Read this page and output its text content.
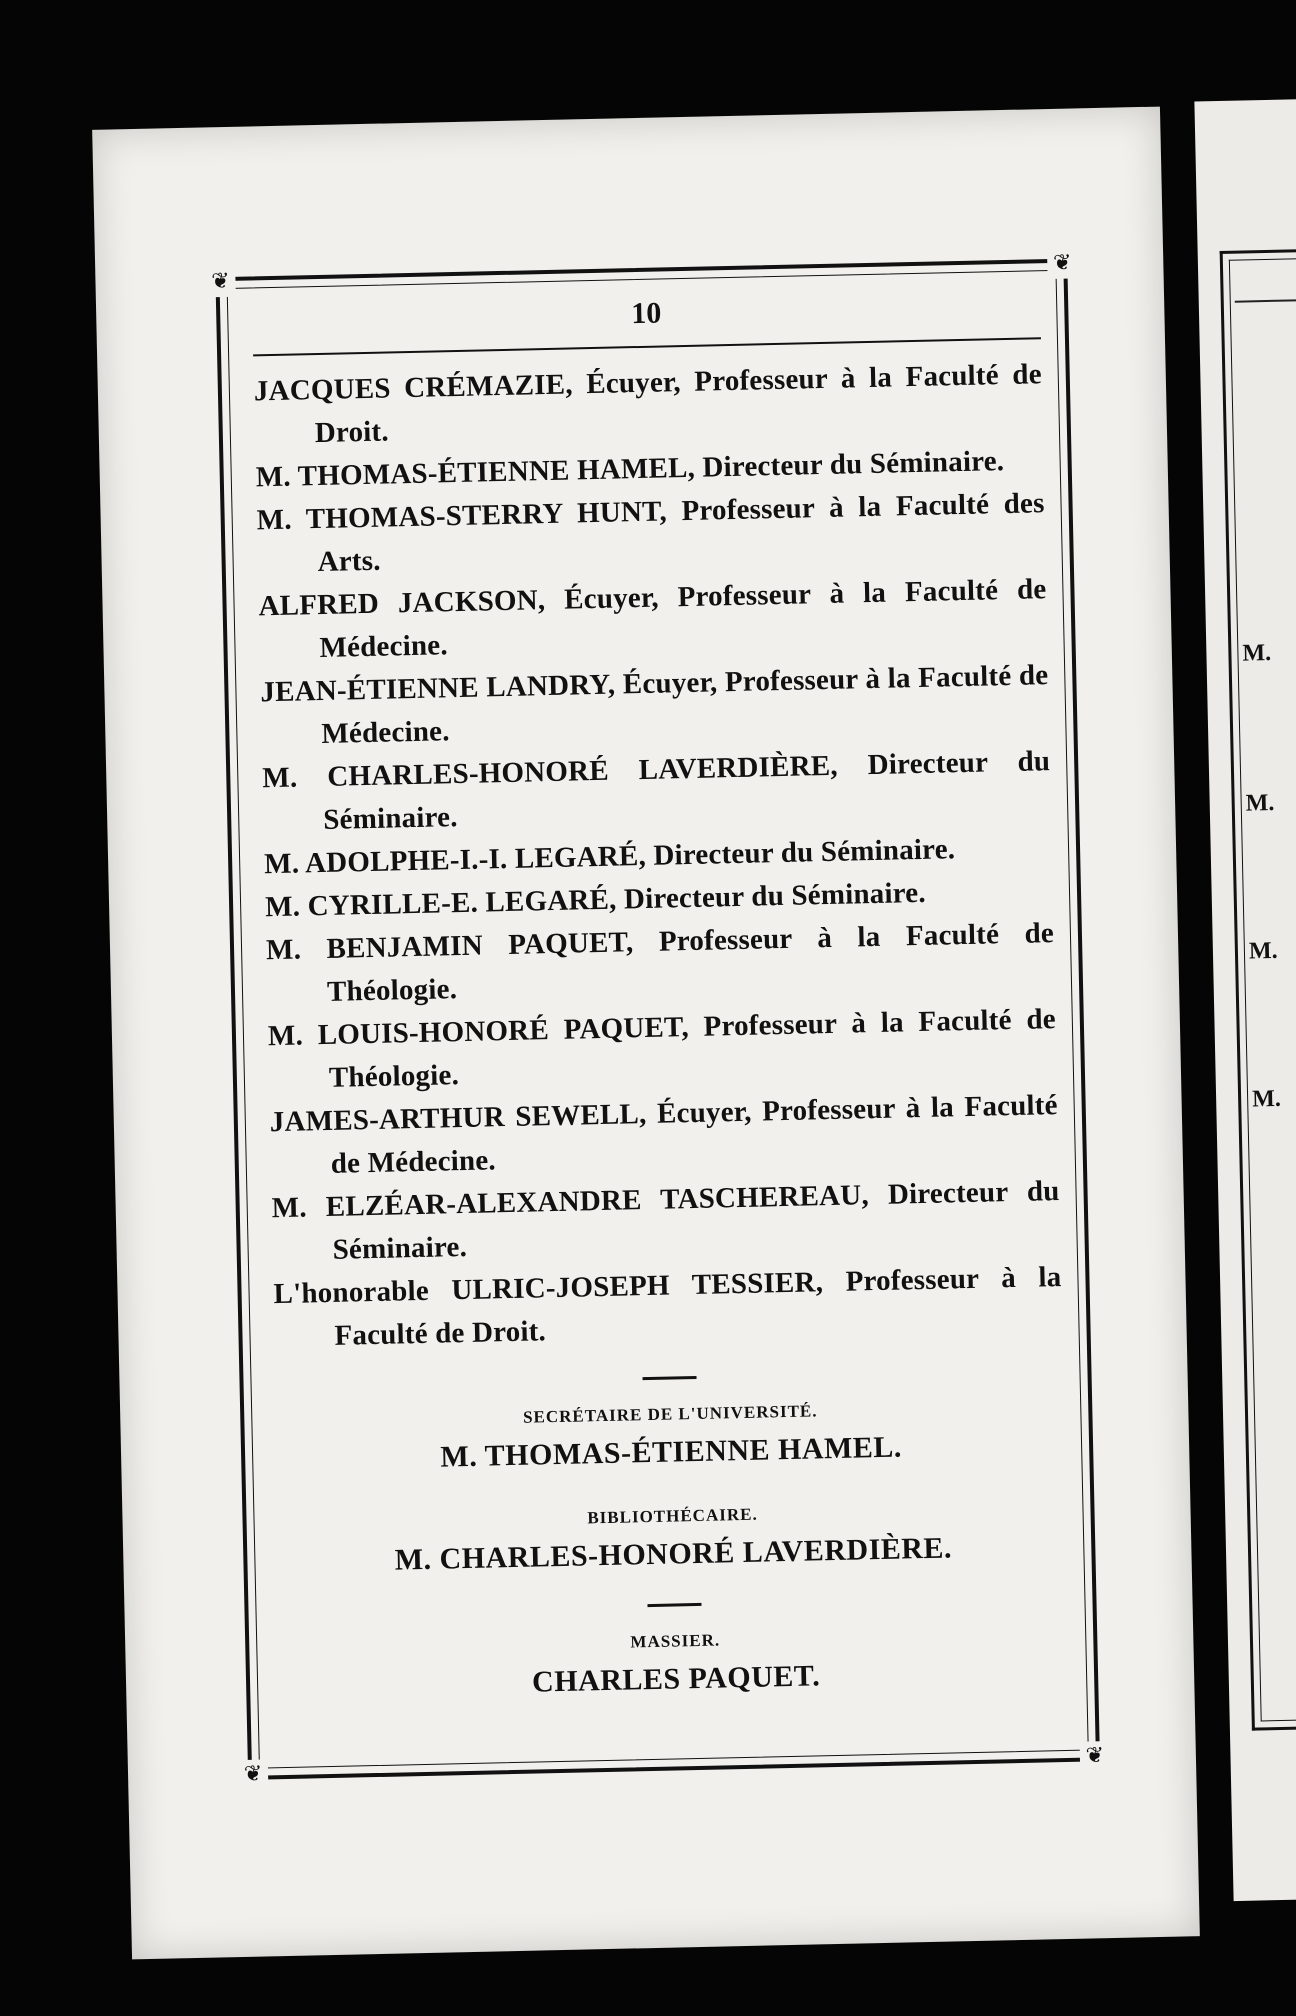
M.
M.
M.
M.
❦
❦
❦
❦
10
JACQUES CRÉMAZIE, Écuyer, Professeur à la Faculté de Droit.
M. THOMAS-ÉTIENNE HAMEL, Directeur du Séminaire.
M. THOMAS-STERRY HUNT, Professeur à la Faculté des Arts.
ALFRED JACKSON, Écuyer, Professeur à la Faculté de Médecine.
JEAN-ÉTIENNE LANDRY, Écuyer, Professeur à la Faculté de Médecine.
M. CHARLES-HONORÉ LAVERDIÈRE, Directeur du Séminaire.
M. ADOLPHE-I.-I. LEGARÉ, Directeur du Séminaire.
M. CYRILLE-E. LEGARÉ, Directeur du Séminaire.
M. BENJAMIN PAQUET, Professeur à la Faculté de Théologie.
M. LOUIS-HONORÉ PAQUET, Professeur à la Faculté de Théologie.
JAMES-ARTHUR SEWELL, Écuyer, Professeur à la Faculté de Médecine.
M. ELZÉAR-ALEXANDRE TASCHEREAU, Directeur du Séminaire.
L'honorable ULRIC-JOSEPH TESSIER, Professeur à la Faculté de Droit.
SECRÉTAIRE DE L'UNIVERSITÉ.
M. THOMAS-ÉTIENNE HAMEL.
BIBLIOTHÉCAIRE.
M. CHARLES-HONORÉ LAVERDIÈRE.
MASSIER.
CHARLES PAQUET.
